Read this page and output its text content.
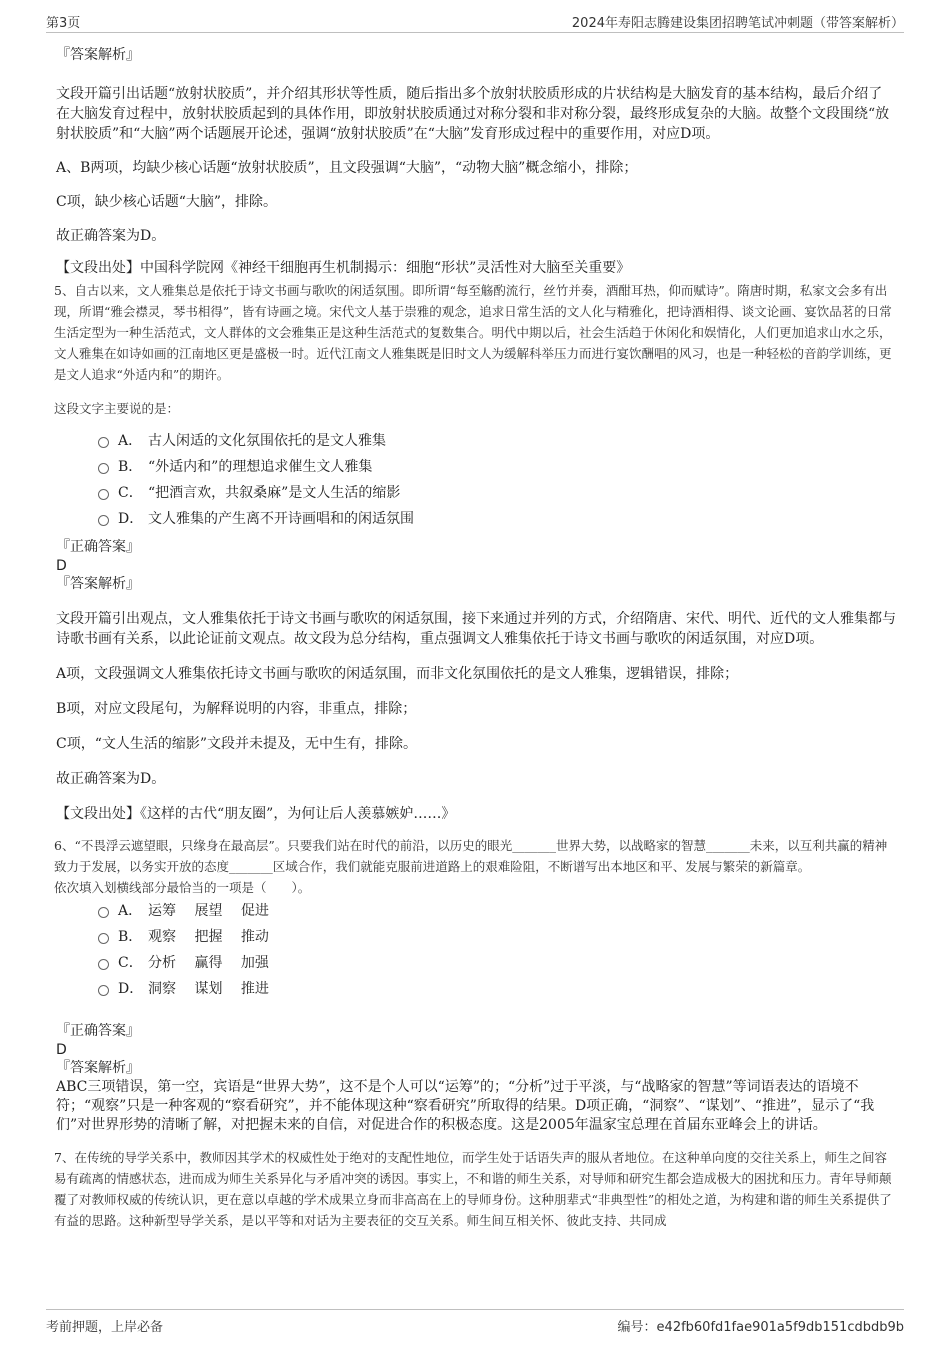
第3页	2024年寿阳志腾建设集团招聘笔试冲刺题（带答案解析）

『答案解析』

文段开篇引出话题“放射状胶质”，并介绍其形状等性质，随后指出多个放射状胶质形成的片状结构是大脑发育的基本结构，最后介绍了在大脑发育过程中，放射状胶质起到的具体作用，即放射状胶质通过对称分裂和非对称分裂，最终形成复杂的大脑。故整个文段围绕“放射状胶质”和“大脑”两个话题展开论述，强调“放射状胶质”在“大脑”发育形成过程中的重要作用，对应D项。

A、B两项，均缺少核心话题“放射状胶质”，且文段强调“大脑”，“动物大脑”概念缩小，排除；

C项，缺少核心话题“大脑”，排除。

故正确答案为D。

【文段出处】中国科学院网《神经干细胞再生机制揭示：细胞“形状”灵活性对大脑至关重要》

5、自古以来，文人雅集总是依托于诗文书画与歌吹的闲适氛围。即所谓“每至觞酌流行，丝竹并奏，酒酣耳热，仰而赋诗”。隋唐时期，私家文会多有出现，所谓“雅会襟灵，琴书相得”，皆有诗画之境。宋代文人基于崇雅的观念，追求日常生活的文人化与精雅化，把诗酒相得、谈文论画、宴饮品茗的日常生活定型为一种生活范式，文人群体的文会雅集正是这种生活范式的复数集合。明代中期以后，社会生活趋于休闲化和娱情化，人们更加追求山水之乐，文人雅集在如诗如画的江南地区更是盛极一时。近代江南文人雅集既是旧时文人为缓解科举压力而进行宴饮酬唱的风习，也是一种轻松的音韵学训练，更是文人追求“外适内和”的期许。

这段文字主要说的是：

A． 古人闲适的文化氛围依托的是文人雅集
B． “外适内和”的理想追求催生文人雅集
C． “把酒言欢，共叙桑麻”是文人生活的缩影
D． 文人雅集的产生离不开诗画唱和的闲适氛围

『正确答案』

D

『答案解析』

文段开篇引出观点，文人雅集依托于诗文书画与歌吹的闲适氛围，接下来通过并列的方式，介绍隋唐、宋代、明代、近代的文人雅集都与诗歌书画有关系，以此论证前文观点。故文段为总分结构，重点强调文人雅集依托于诗文书画与歌吹的闲适氛围，对应D项。

A项，文段强调文人雅集依托诗文书画与歌吹的闲适氛围，而非文化氛围依托的是文人雅集，逻辑错误，排除；

B项，对应文段尾句，为解释说明的内容，非重点，排除；

C项，“文人生活的缩影”文段并未提及，无中生有，排除。

故正确答案为D。

【文段出处】《这样的古代“朋友圈”，为何让后人羡慕嫉妒……》

6、“不畏浮云遮望眼，只缘身在最高层”。只要我们站在时代的前沿，以历史的眼光_______世界大势，以战略家的智慧_______未来，以互利共赢的精神致力于发展，以务实开放的态度_______区域合作，我们就能克服前进道路上的艰难险阻，不断谱写出本地区和平、发展与繁荣的新篇章。

依次填入划横线部分最恰当的一项是（　　）。

A． 运筹　 展望　 促进
B． 观察　 把握　 推动
C． 分析　 赢得　 加强
D． 洞察　 谋划　 推进

『正确答案』

D

『答案解析』

ABC三项错误，第一空，宾语是“世界大势”，这不是个人可以“运筹”的；“分析”过于平淡，与“战略家的智慧”等词语表达的语境不符；“观察”只是一种客观的“察看研究”，并不能体现这种“察看研究”所取得的结果。D项正确，“洞察”、“谋划”、“推进”，显示了“我们”对世界形势的清晰了解，对把握未来的自信，对促进合作的积极态度。这是2005年温家宝总理在首届东亚峰会上的讲话。

7、在传统的导学关系中，教师因其学术的权威性处于绝对的支配性地位，而学生处于话语失声的服从者地位。在这种单向度的交往关系上，师生之间容易有疏离的情感状态，进而成为师生关系异化与矛盾冲突的诱因。事实上，不和谐的师生关系，对导师和研究生都会造成极大的困扰和压力。青年导师颠覆了对教师权威的传统认识，更在意以卓越的学术成果立身而非高高在上的导师身份。这种朋辈式“非典型性”的相处之道，为构建和谐的师生关系提供了有益的思路。这种新型导学关系，是以平等和对话为主要表征的交互关系。师生间互相关怀、彼此支持、共同成

考前押题，上岸必备	编号：e42fb60fd1fae901a5f9db151cdbdb9b
